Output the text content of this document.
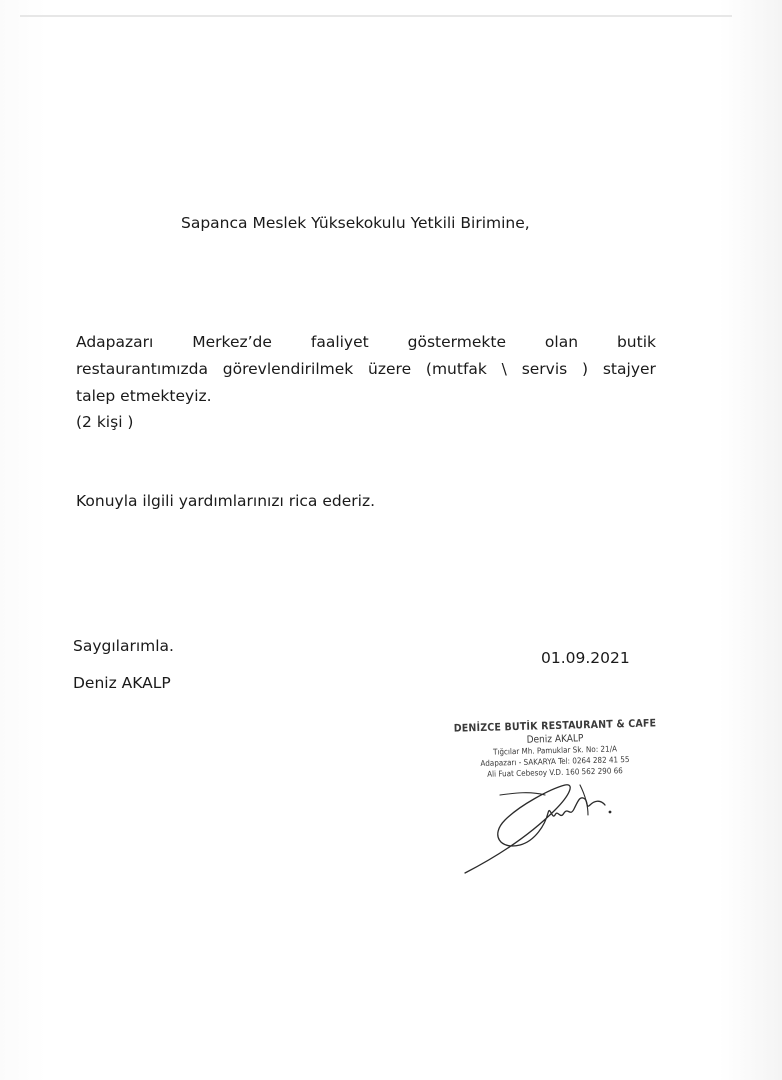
Sapanca Meslek Yüksekokulu Yetkili Birimine,
Adapazarı	Merkez’de	faaliyet	göstermekte	olan	butik
restaurantımızda görevlendirilmek üzere (mutfak \ servis ) stajyer
talep etmekteyiz.
(2 kişi )
Konuyla ilgili yardımlarınızı rica ederiz.
Saygılarımla.
01.09.2021
Deniz AKALP
DENİZCE BUTİK RESTAURANT & CAFE
Deniz AKALP
Tığcılar Mh. Pamuklar Sk. No: 21/A
Adapazarı - SAKARYA Tel: 0264 282 41 55
Ali Fuat Cebesoy V.D. 160 562 290 66
